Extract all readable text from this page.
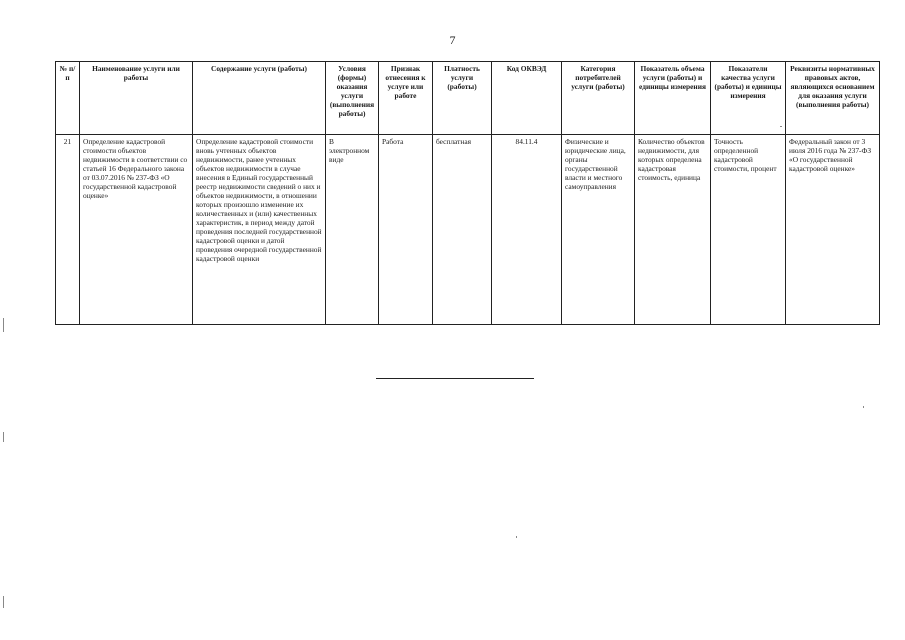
7
№ п/п	Наименование услуги или работы	Содержание услуги (работы)	Условия (формы) оказания услуги (выполнения работы)	Признак отнесения к услуге или работе	Платность услуги (работы)	Код ОКВЭД	Категория потребителей услуги (работы)	Показатель объема услуги (работы) и единицы измерения	Показатели качества услуги (работы) и единицы измерения	Реквизиты нормативных правовых актов, являющихся основанием для оказания услуги (выполнения работы)
21	Определение кадастровой стоимости объектов недвижимости в соответствии со статьей 16 Федерального закона от 03.07.2016 № 237-ФЗ «О государственной кадастровой оценке»	Определение кадастровой стоимости вновь учтенных объектов недвижимости, ранее учтенных объектов недвижимости в случае внесения в Единый государственный реестр недвижимости сведений о них и объектов недвижимости, в отношении которых произошло изменение их количественных и (или) качественных характеристик, в период между датой проведения последней государственной кадастровой оценки и датой проведения очередной государственной кадастровой оценки	В электронном виде	Работа	бесплатная	84.11.4	Физические и юридические лица, органы государственной власти и местного самоуправления	Количество объектов недвижимости, для которых определена кадастровая стоимость, единица	Точность определенной кадастровой стоимости, процент	Федеральный закон от 3 июля 2016 года № 237-ФЗ «О государственной кадастровой оценке»
